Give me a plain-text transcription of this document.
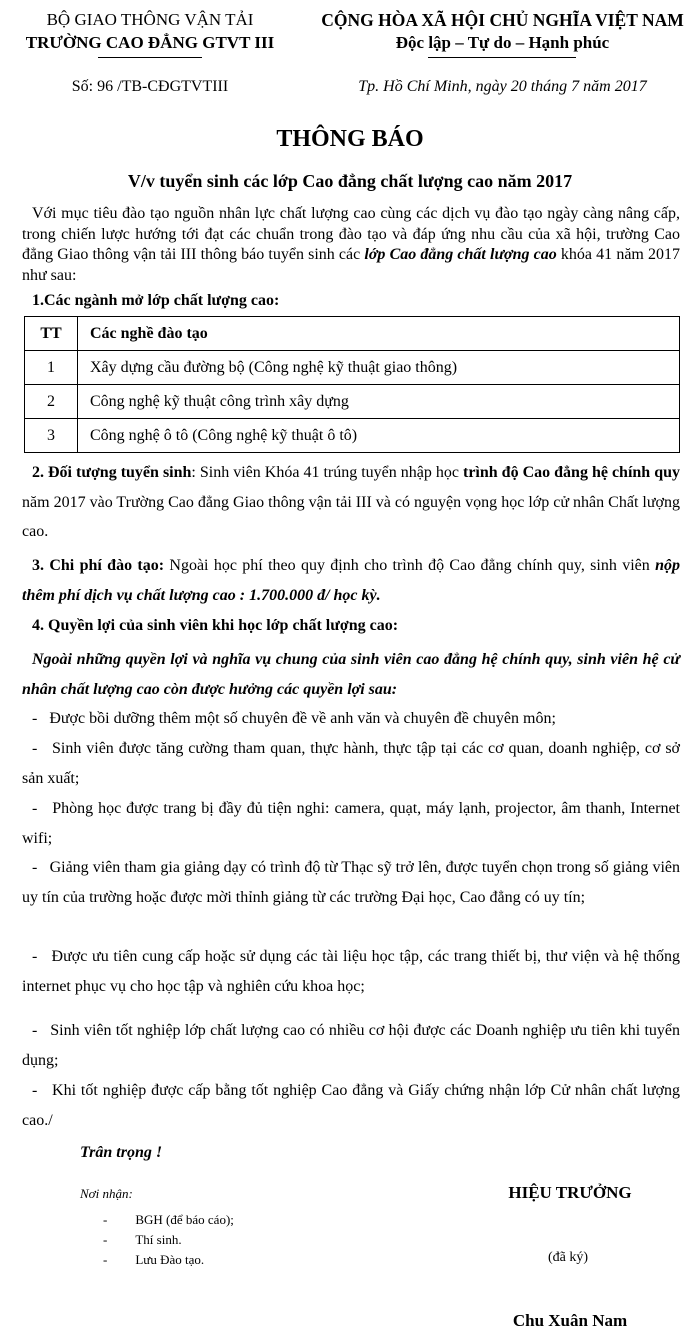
BỘ GIAO THÔNG VẬN TẢI
TRƯỜNG CAO ĐẲNG GTVT III
Số: 96 /TB-CĐGTVTIII
CỘNG HÒA XÃ HỘI CHỦ NGHĨA VIỆT NAM
Độc lập – Tự do – Hạnh phúc
Tp. Hồ Chí Minh, ngày 20 tháng 7 năm 2017
THÔNG BÁO
V/v tuyển sinh các lớp Cao đẳng chất lượng cao năm 2017
Với mục tiêu đào tạo nguồn nhân lực chất lượng cao cùng các dịch vụ đào tạo ngày càng nâng cấp, trong chiến lược hướng tới đạt các chuẩn trong đào tạo và đáp ứng nhu cầu của xã hội, trường Cao đẳng Giao thông vận tải III thông báo tuyển sinh các lớp Cao đẳng chất lượng cao khóa 41 năm 2017 như sau:
1.Các ngành mở lớp chất lượng cao:
TT	Các nghề đào tạo
1	Xây dựng cầu đường bộ (Công nghệ kỹ thuật giao thông)
2	Công nghệ kỹ thuật công trình xây dựng
3	Công nghệ ô tô (Công nghệ kỹ thuật ô tô)
2. Đối tượng tuyển sinh: Sinh viên Khóa 41 trúng tuyển nhập học trình độ Cao đẳng hệ chính quy năm 2017 vào Trường Cao đẳng Giao thông vận tải III và có nguyện vọng học lớp cử nhân Chất lượng cao.
3. Chi phí đào tạo: Ngoài học phí theo quy định cho trình độ Cao đẳng chính quy, sinh viên nộp thêm phí dịch vụ chất lượng cao : 1.700.000 đ/ học kỳ.
4. Quyền lợi của sinh viên khi học lớp chất lượng cao:
Ngoài những quyền lợi và nghĩa vụ chung của sinh viên cao đẳng hệ chính quy, sinh viên hệ cử nhân chất lượng cao còn được hưởng các quyền lợi sau:
-   Được bồi dưỡng thêm một số chuyên đề về anh văn và chuyên đề chuyên môn;
-   Sinh viên được tăng cường tham quan, thực hành, thực tập tại các cơ quan, doanh nghiệp, cơ sở sản xuất;
-   Phòng học được trang bị đầy đủ tiện nghi: camera, quạt, máy lạnh, projector, âm thanh, Internet wifi;
-   Giảng viên tham gia giảng dạy có trình độ từ Thạc sỹ trở lên, được tuyển chọn trong số giảng viên uy tín của trường hoặc được mời thỉnh giảng từ các trường Đại học, Cao đẳng có uy tín;
-   Được ưu tiên cung cấp hoặc sử dụng các tài liệu học tập, các trang thiết bị, thư viện và hệ thống internet phục vụ cho học tập và nghiên cứu khoa học;
-   Sinh viên tốt nghiệp lớp chất lượng cao có nhiều cơ hội được các Doanh nghiệp ưu tiên khi tuyển dụng;
-   Khi tốt nghiệp được cấp bằng tốt nghiệp Cao đẳng và Giấy chứng nhận lớp Cử nhân chất lượng cao./
Trân trọng !
Nơi nhận:
- BGH (để báo cáo);
- Thí sinh.
- Lưu Đào tạo.
HIỆU TRƯỞNG
(đã ký)
Chu Xuân Nam
